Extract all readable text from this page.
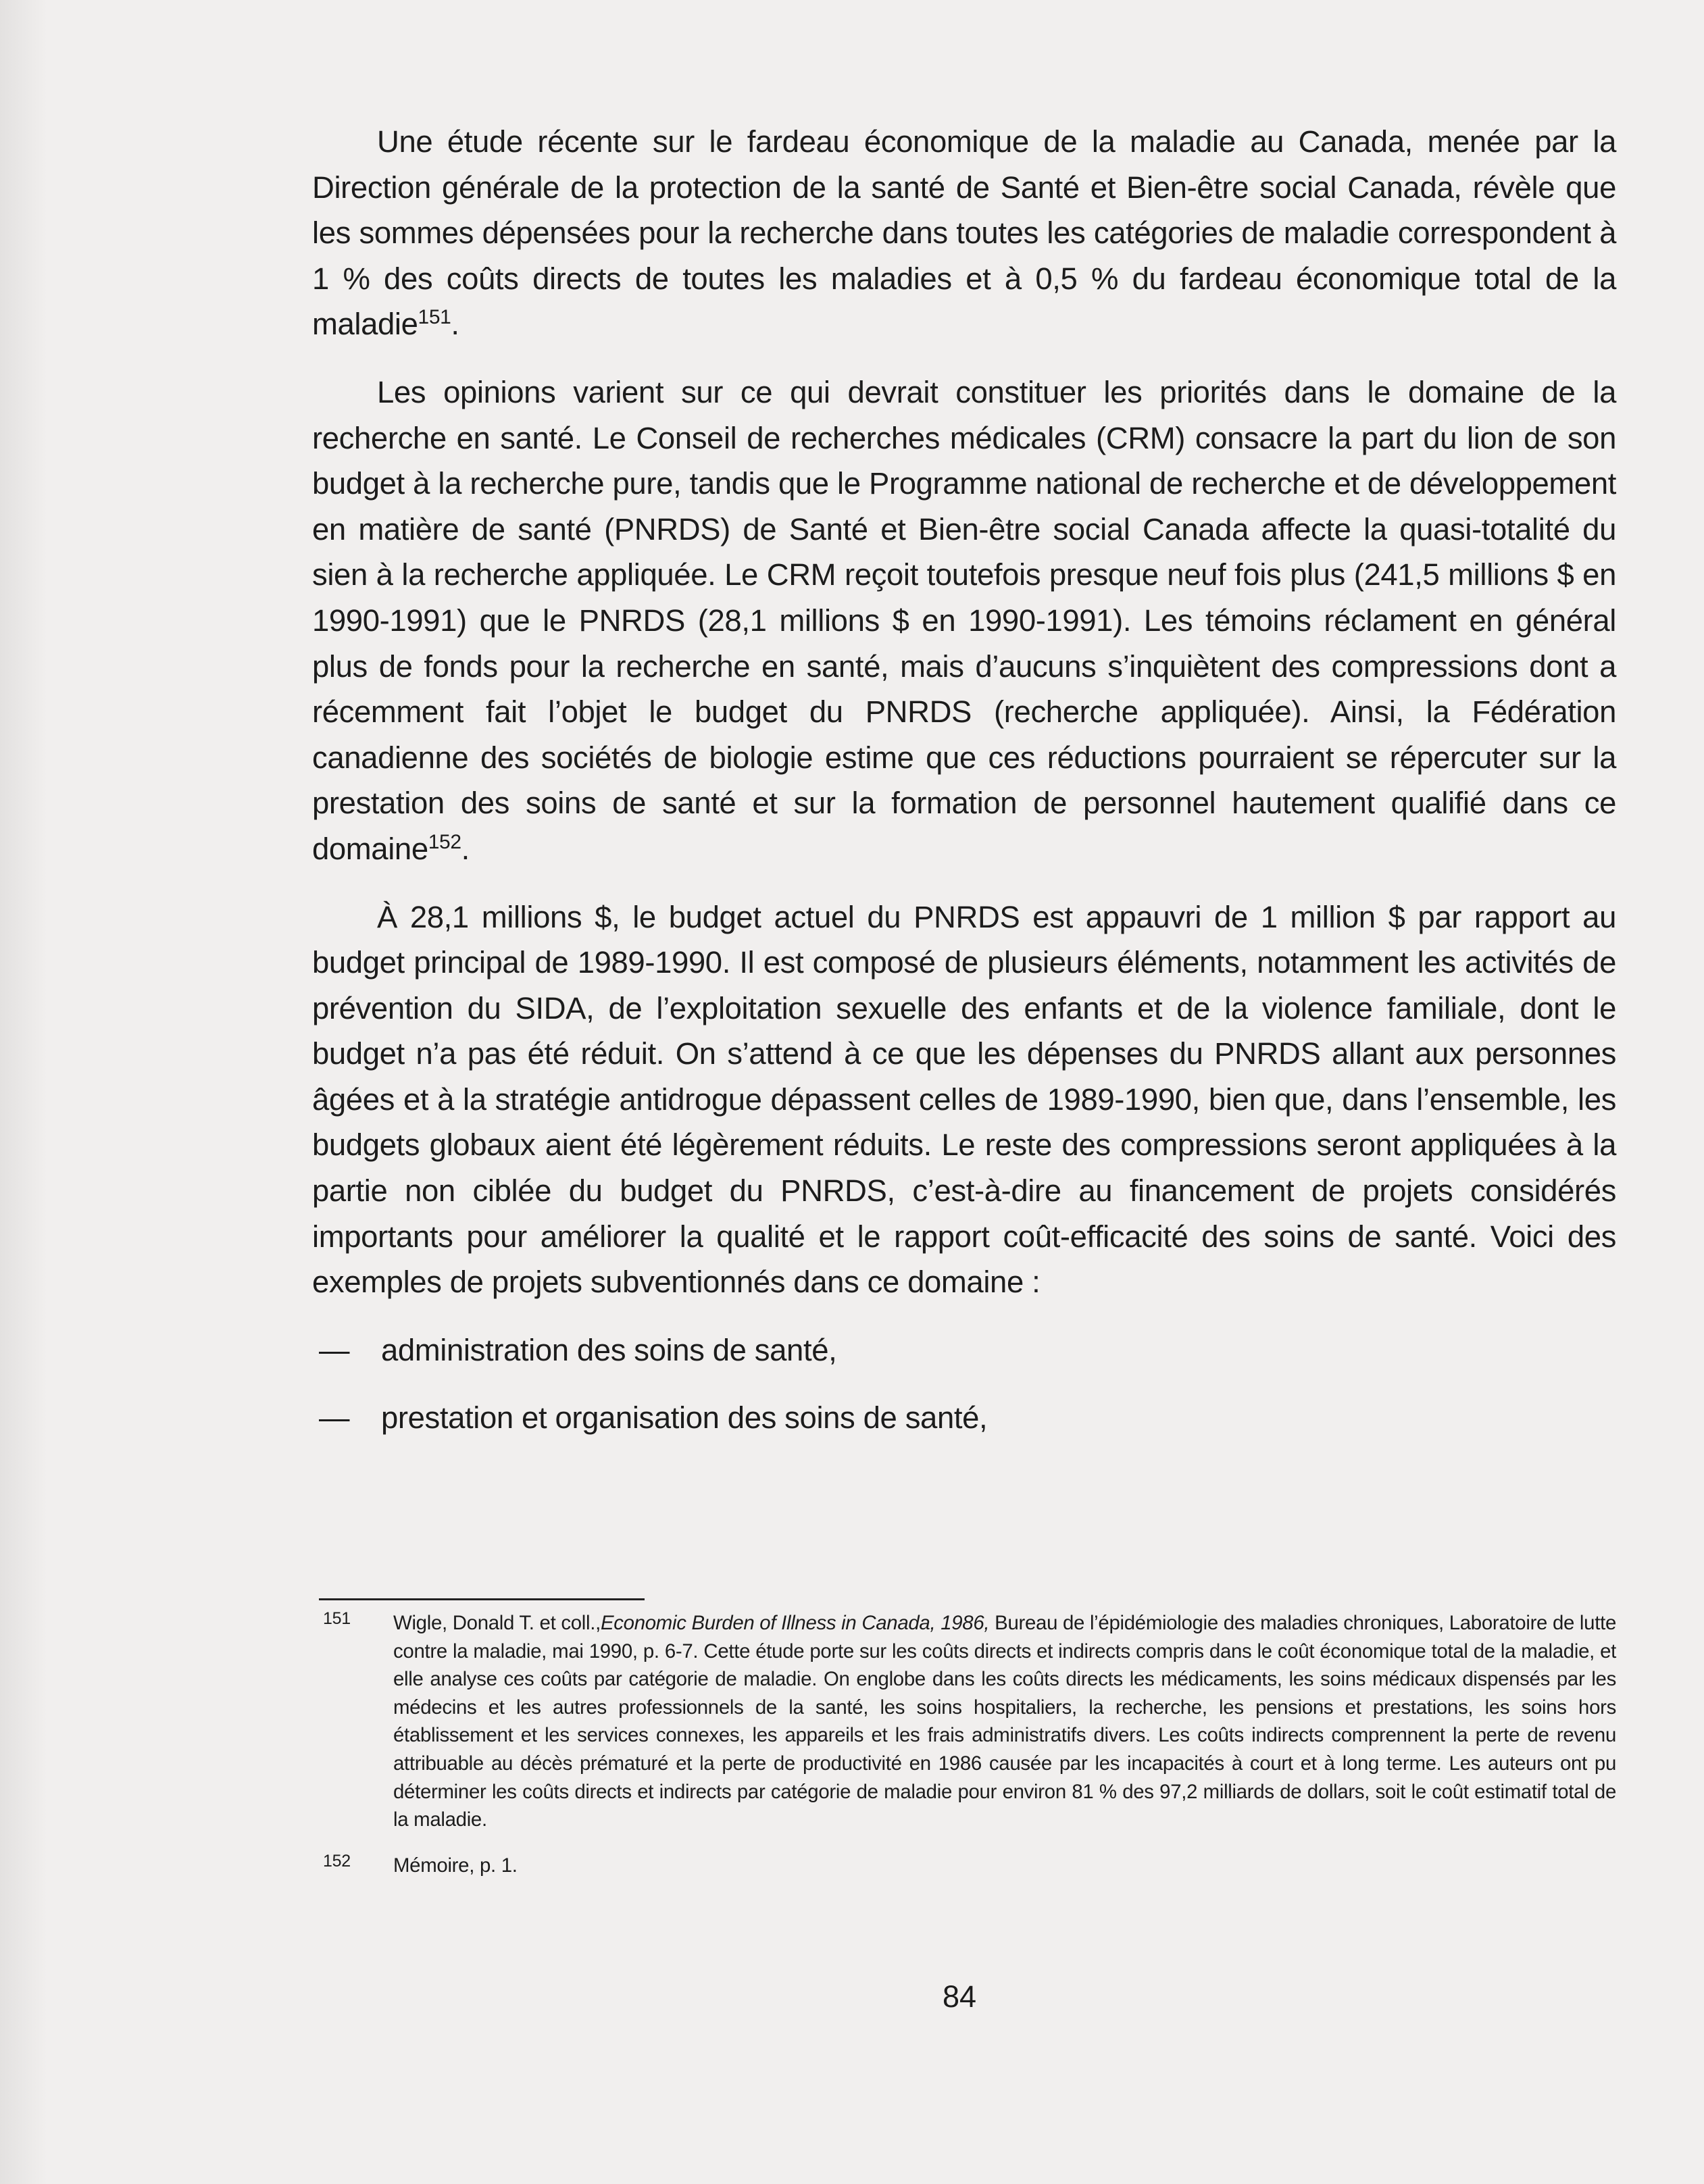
Une étude récente sur le fardeau économique de la maladie au Canada, menée par la Direction générale de la protection de la santé de Santé et Bien-être social Canada, révèle que les sommes dépensées pour la recherche dans toutes les catégories de maladie correspondent à 1 % des coûts directs de toutes les maladies et à 0,5 % du fardeau économique total de la maladie$^{151}$.

Les opinions varient sur ce qui devrait constituer les priorités dans le domaine de la recherche en santé. Le Conseil de recherches médicales (CRM) consacre la part du lion de son budget à la recherche pure, tandis que le Programme national de recherche et de développement en matière de santé (PNRDS) de Santé et Bien-être social Canada affecte la quasi-totalité du sien à la recherche appliquée. Le CRM reçoit toutefois presque neuf fois plus (241,5 millions $ en 1990-1991) que le PNRDS (28,1 millions $ en 1990-1991). Les témoins réclament en général plus de fonds pour la recherche en santé, mais d’aucuns s’inquiètent des compressions dont a récemment fait l’objet le budget du PNRDS (recherche appliquée). Ainsi, la Fédération canadienne des sociétés de biologie estime que ces réductions pourraient se répercuter sur la prestation des soins de santé et sur la formation de personnel hautement qualifié dans ce domaine$^{152}$.

À 28,1 millions $, le budget actuel du PNRDS est appauvri de 1 million $ par rapport au budget principal de 1989-1990. Il est composé de plusieurs éléments, notamment les activités de prévention du SIDA, de l’exploitation sexuelle des enfants et de la violence familiale, dont le budget n’a pas été réduit. On s’attend à ce que les dépenses du PNRDS allant aux personnes âgées et à la stratégie antidrogue dépassent celles de 1989-1990, bien que, dans l’ensemble, les budgets globaux aient été légèrement réduits. Le reste des compressions seront appliquées à la partie non ciblée du budget du PNRDS, c’est-à-dire au financement de projets considérés importants pour améliorer la qualité et le rapport coût-efficacité des soins de santé. Voici des exemples de projets subventionnés dans ce domaine :

— administration des soins de santé,
— prestation et organisation des soins de santé,
151 Wigle, Donald T. et coll.,Economic Burden of Illness in Canada, 1986, Bureau de l’épidémiologie des maladies chroniques, Laboratoire de lutte contre la maladie, mai 1990, p. 6-7. Cette étude porte sur les coûts directs et indirects compris dans le coût économique total de la maladie, et elle analyse ces coûts par catégorie de maladie. On englobe dans les coûts directs les médicaments, les soins médicaux dispensés par les médecins et les autres professionnels de la santé, les soins hospitaliers, la recherche, les pensions et prestations, les soins hors établissement et les services connexes, les appareils et les frais administratifs divers. Les coûts indirects comprennent la perte de revenu attribuable au décès prématuré et la perte de productivité en 1986 causée par les incapacités à court et à long terme. Les auteurs ont pu déterminer les coûts directs et indirects par catégorie de maladie pour environ 81 % des 97,2 milliards de dollars, soit le coût estimatif total de la maladie.
152 Mémoire, p. 1.
84
